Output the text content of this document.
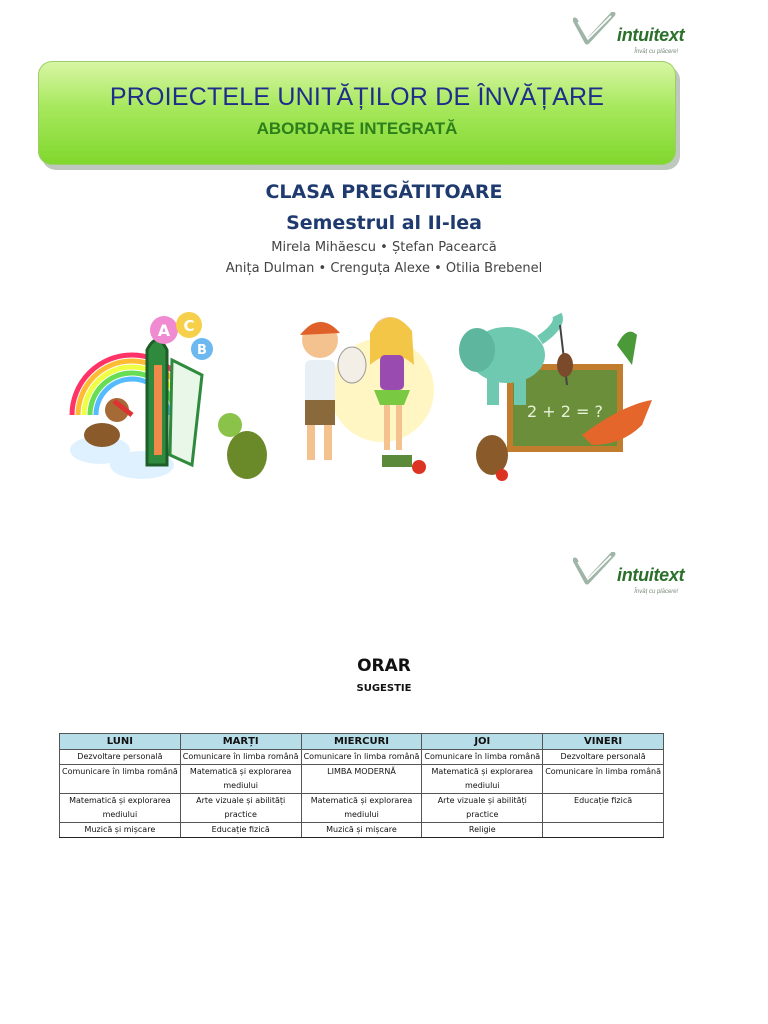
intuitext
Învăț cu plăcere!
PROIECTELE UNITĂȚILOR DE ÎNVĂȚARE
ABORDARE INTEGRATĂ
CLASA PREGĂTITOARE
Semestrul al II-lea
Mirela Mihăescu • Ștefan Pacearcă
Anița Dulman • Crenguța Alexe • Otilia Brebenel
A C
B
2 + 2 = ?
intuitext
Învăț cu plăcere!
ORAR
SUGESTIE
LUNI	MARȚI	MIERCURI	JOI	VINERI
Dezvoltare personală	Comunicare în limba română	Comunicare în limba română	Comunicare în limba română	Dezvoltare personală
Comunicare în limba română	Matematică și explorarea mediului	LIMBA MODERNĂ	Matematică și explorarea mediului	Comunicare în limba română
Matematică și explorarea mediului	Arte vizuale și abilități practice	Matematică și explorarea mediului	Arte vizuale și abilități practice	Educație fizică
Muzică și mișcare	Educație fizică	Muzică și mișcare	Religie	
